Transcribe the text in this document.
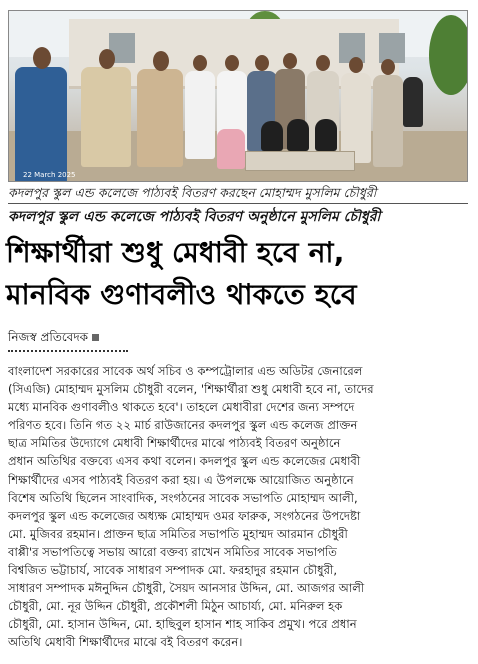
22 March 2025
কদলপুর স্কুল এন্ড কলেজে পাঠ্যবই বিতরণ করছেন মোহাম্মদ মুসলিম চৌধুরী
কদলপুর স্কুল এন্ড কলেজে পাঠ্যবই বিতরণ অনুষ্ঠানে মুসলিম চৌধুরী
শিক্ষার্থীরা শুধু মেধাবী হবে না,
মানবিক গুণাবলীও থাকতে হবে
নিজস্ব প্রতিবেদক
বাংলাদেশ সরকারের সাবেক অর্থ সচিব ও কম্পট্রোলার এন্ড অডিটর জেনারেল
(সিএজি) মোহাম্মদ মুসলিম চৌধুরী বলেন, 'শিক্ষার্থীরা শুধু মেধাবী হবে না, তাদের
মধ্যে মানবিক গুণাবলীও থাকতে হবে'। তাহলে মেধাবীরা দেশের জন্য সম্পদে
পরিণত হবে। তিনি গত ২২ মার্চ রাউজানের কদলপুর স্কুল এন্ড কলেজ প্রাক্তন
ছাত্র সমিতির উদ্যোগে মেধাবী শিক্ষার্থীদের মাঝে পাঠ্যবই বিতরণ অনুষ্ঠানে
প্রধান অতিথির বক্তব্যে এসব কথা বলেন। কদলপুর স্কুল এন্ড কলেজের মেধাবী
শিক্ষার্থীদের এসব পাঠ্যবই বিতরণ করা হয়। এ উপলক্ষে আয়োজিত অনুষ্ঠানে
বিশেষ অতিথি ছিলেন সাংবাদিক, সংগঠনের সাবেক সভাপতি মোহাম্মদ আলী,
কদলপুর স্কুল এন্ড কলেজের অধ্যক্ষ মোহাম্মদ ওমর ফারুক, সংগঠনের উপদেষ্টা
মো. মুজিবর রহমান। প্রাক্তন ছাত্র সমিতির সভাপতি মুহাম্মদ আরমান চৌধুরী
বাপ্পী'র সভাপতিত্বে সভায় আরো বক্তব্য রাখেন সমিতির সাবেক সভাপতি
বিশ্বজিত ভট্টাচার্য, সাবেক সাধারণ সম্পাদক মো. ফরহাদুর রহমান চৌধুরী,
সাধারণ সম্পাদক মঈনুদ্দিন চৌধুরী, সৈয়দ আনসার উদ্দিন, মো. আজগর আলী
চৌধুরী, মো. নূর উদ্দিন চৌধুরী, প্রকৌশলী মিঠুন আচার্য্য, মো. মনিরুল হক
চৌধুরী, মো. হাসান উদ্দিন, মো. হাছিবুল হাসান শাহ সাকিব প্রমুখ। পরে প্রধান
অতিথি মেধাবী শিক্ষার্থীদের মাঝে বই বিতরণ করেন।
